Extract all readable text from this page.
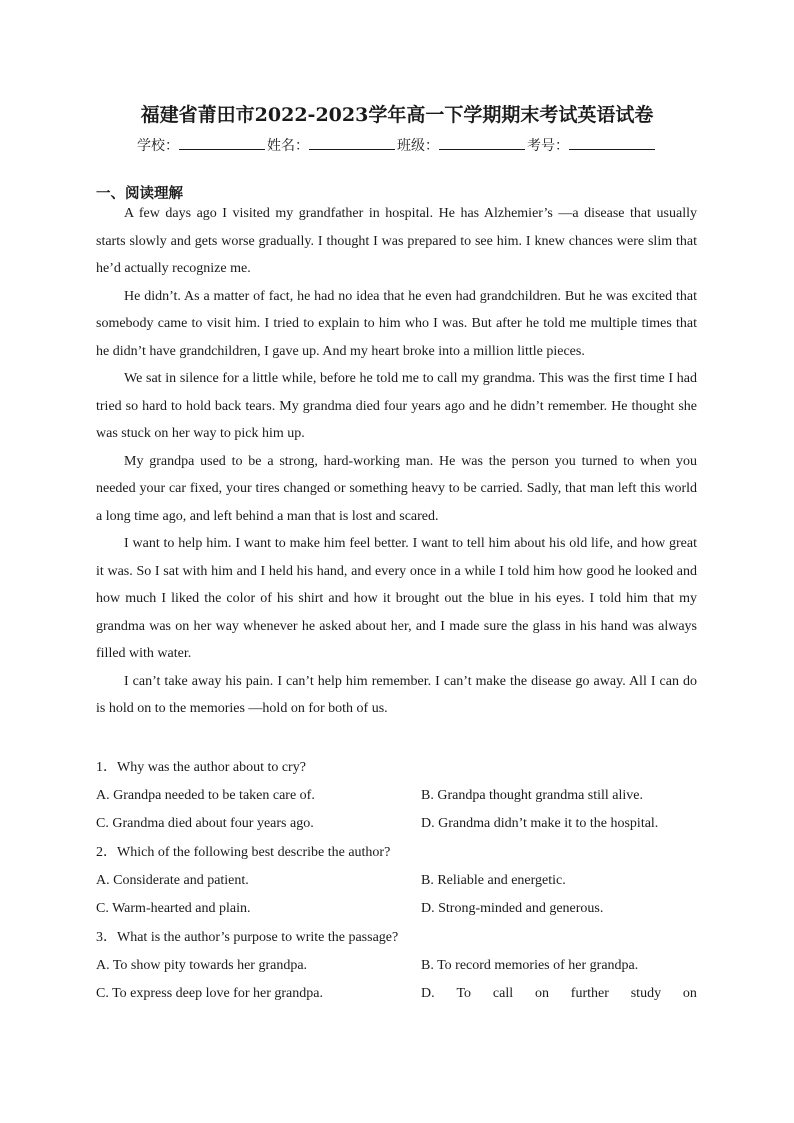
福建省莆田市2022-2023学年高一下学期期末考试英语试卷
学校：	姓名：	班级：	考号：
一、阅读理解

A few days ago I visited my grandfather in hospital. He has Alzhemier’s —a disease that usually starts slowly and gets worse gradually. I thought I was prepared to see him. I knew chances were slim that he’d actually recognize me.

He didn’t. As a matter of fact, he had no idea that he even had grandchildren. But he was excited that somebody came to visit him. I tried to explain to him who I was. But after he told me multiple times that he didn’t have grandchildren, I gave up. And my heart broke into a million little pieces.

We sat in silence for a little while, before he told me to call my grandma. This was the first time I had tried so hard to hold back tears. My grandma died four years ago and he didn’t remember. He thought she was stuck on her way to pick him up.

My grandpa used to be a strong, hard-working man. He was the person you turned to when you needed your car fixed, your tires changed or something heavy to be carried. Sadly, that man left this world a long time ago, and left behind a man that is lost and scared.

I want to help him. I want to make him feel better. I want to tell him about his old life, and how great it was. So I sat with him and I held his hand, and every once in a while I told him how good he looked and how much I liked the color of his shirt and how it brought out the blue in his eyes. I told him that my grandma was on her way whenever he asked about her, and I made sure the glass in his hand was always filled with water.

I can’t take away his pain. I can’t help him remember. I can’t make the disease go away. All I can do is hold on to the memories —hold on for both of us.

1．Why was the author about to cry?
A. Grandpa needed to be taken care of.	B. Grandpa thought grandma still alive.
C. Grandma died about four years ago.	D. Grandma didn’t make it to the hospital.
2．Which of the following best describe the author?
A. Considerate and patient.	B. Reliable and energetic.
C. Warm-hearted and plain.	D. Strong-minded and generous.
3．What is the author’s purpose to write the passage?
A. To show pity towards her grandpa.	B. To record memories of her grandpa.
C. To express deep love for her grandpa.	D. To call on further study on
